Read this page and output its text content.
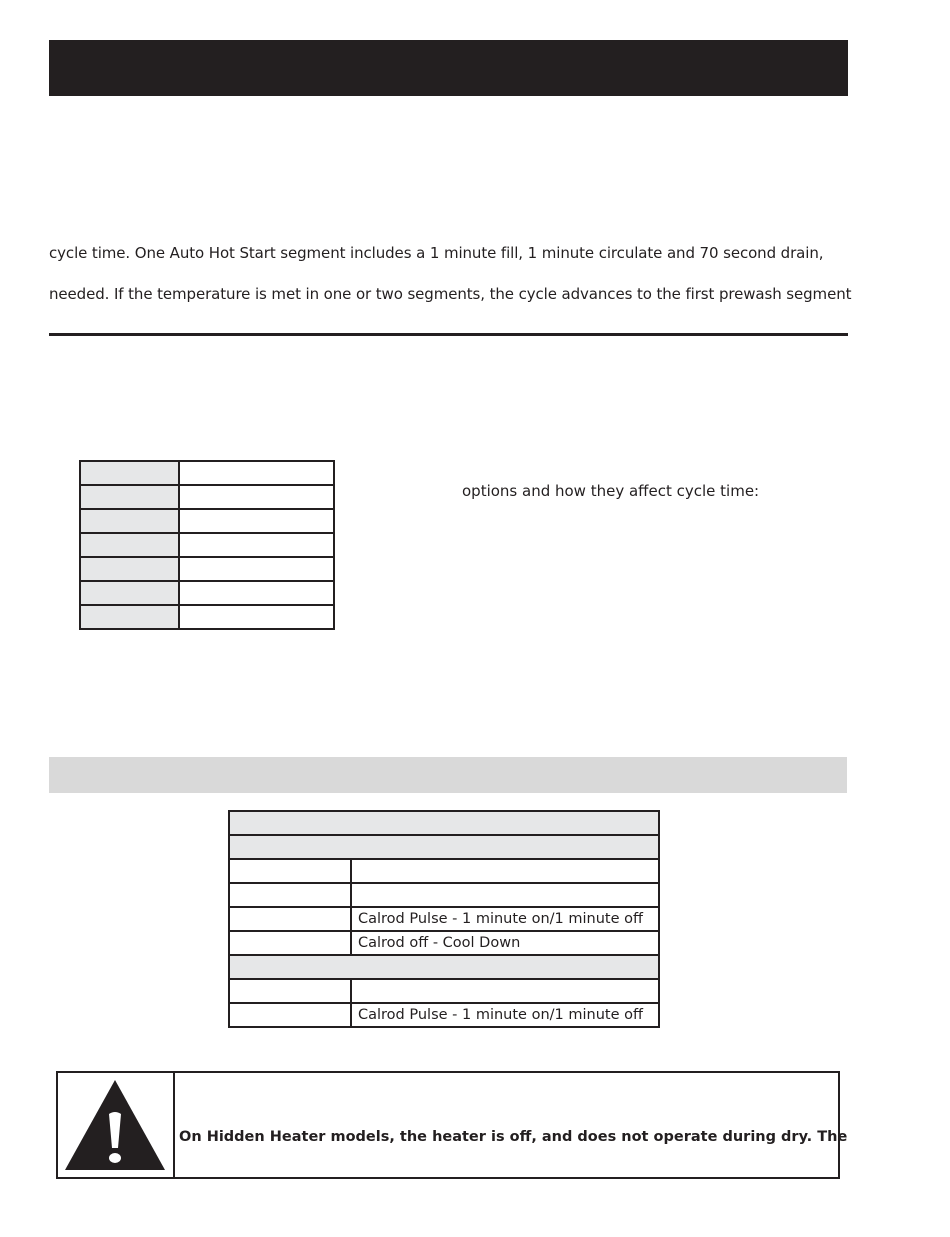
cycle time. One Auto Hot Start segment includes a 1 minute fill, 1 minute circulate and 70 second drain,
needed. If the temperature is met in one or two segments, the cycle advances to the first prewash segment

options and how they affect cycle time:

	Calrod Pulse - 1 minute on/1 minute off
	Calrod off - Cool Down

	Calrod Pulse - 1 minute on/1 minute off
On Hidden Heater models, the heater is off, and does not operate during dry. The
